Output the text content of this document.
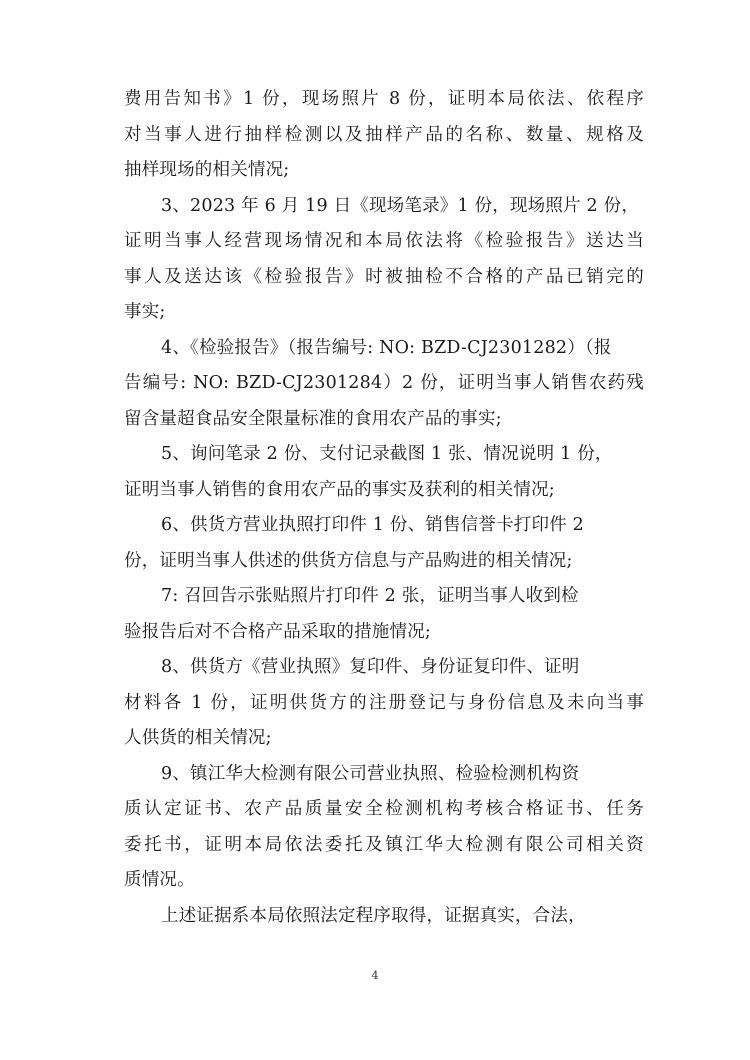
费用告知书》1 份，现场照片 8 份，证明本局依法、依程序
对当事人进行抽样检测以及抽样产品的名称、数量、规格及
抽样现场的相关情况;
3、2023 年 6 月 19 日《现场笔录》1 份，现场照片 2 份，
证明当事人经营现场情况和本局依法将《检验报告》送达当
事人及送达该《检验报告》时被抽检不合格的产品已销完的
事实;
4、《检验报告》（报告编号: NO: BZD-CJ2301282）（报
告编号: NO: BZD-CJ2301284）2 份，证明当事人销售农药残
留含量超食品安全限量标准的食用农产品的事实;
5、询问笔录 2 份、支付记录截图 1 张、情况说明 1 份，
证明当事人销售的食用农产品的事实及获利的相关情况;
6、供货方营业执照打印件 1 份、销售信誉卡打印件 2
份，证明当事人供述的供货方信息与产品购进的相关情况;
7: 召回告示张贴照片打印件 2 张，证明当事人收到检
验报告后对不合格产品采取的措施情况;
8、供货方《营业执照》复印件、身份证复印件、证明
材料各 1 份，证明供货方的注册登记与身份信息及未向当事
人供货的相关情况;
9、镇江华大检测有限公司营业执照、检验检测机构资
质认定证书、农产品质量安全检测机构考核合格证书、任务
委托书，证明本局依法委托及镇江华大检测有限公司相关资
质情况。
上述证据系本局依照法定程序取得，证据真实，合法，
4
